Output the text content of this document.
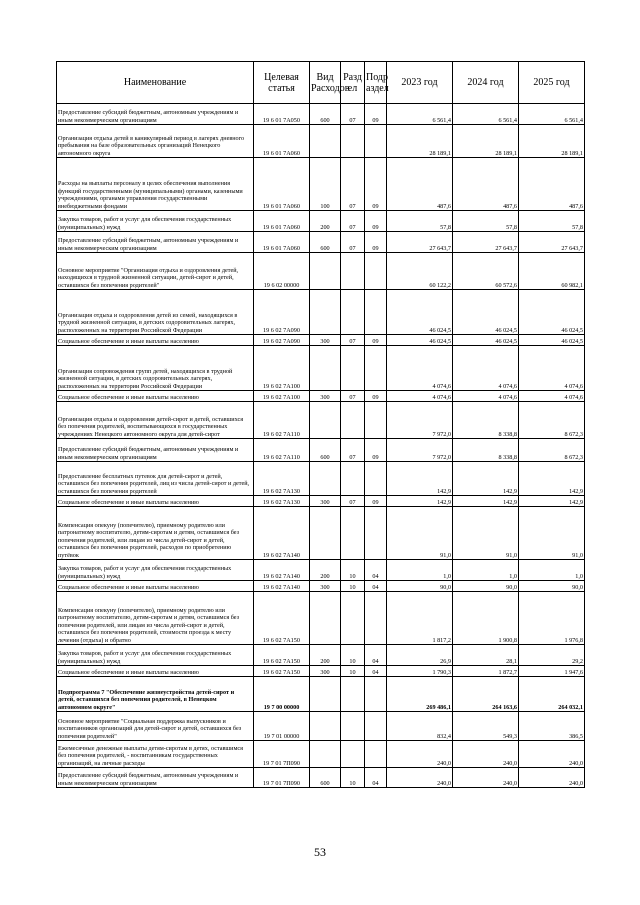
Наименование	Целевая статья	Вид Расходов	Разд ел	Подр аздел	2023 год	2024 год	2025 год
Предоставление субсидий бюджетным, автономным учреждениям и иным некоммерческим организациям	19 6 01 7А050	600	07	09	6 561,4	6 561,4	6 561,4
Организация отдыха детей в каникулярный период в лагерях дневного пребывания на базе образовательных организаций Ненецкого автономного округа	19 6 01 7А060				28 189,1	28 189,1	28 189,1
Расходы на выплаты персоналу в целях обеспечения выполнения функций государственными (муниципальными) органами, казенными учреждениями, органами управления государственными внебюджетными фондами	19 6 01 7А060	100	07	09	487,6	487,6	487,6
Закупка товаров, работ и услуг для обеспечения государственных (муниципальных) нужд	19 6 01 7А060	200	07	09	57,8	57,8	57,8
Предоставление субсидий бюджетным, автономным учреждениям и иным некоммерческим организациям	19 6 01 7А060	600	07	09	27 643,7	27 643,7	27 643,7
Основное мероприятие "Организация отдыха и оздоровления детей, находящихся в трудной жизненной ситуации, детей-сирот и детей, оставшихся без попечения родителей"	19 6 02 00000				60 122,2	60 572,6	60 982,1
Организация отдыха и оздоровления детей из семей, находящихся в трудной жизненной ситуации, в детских оздоровительных лагерях, расположенных на территории Российской Федерации	19 6 02 7А090				46 024,5	46 024,5	46 024,5
Социальное обеспечение и иные выплаты населению	19 6 02 7А090	300	07	09	46 024,5	46 024,5	46 024,5
Организация сопровождения групп детей, находящихся в трудной жизненной ситуации, в детских оздоровительных лагерях, расположенных на территории Российской Федерации	19 6 02 7А100				4 074,6	4 074,6	4 074,6
Социальное обеспечение и иные выплаты населению	19 6 02 7А100	300	07	09	4 074,6	4 074,6	4 074,6
Организация отдыха и оздоровления детей-сирот и детей, оставшихся без попечения родителей, воспитывающихся в государственных учреждениях Ненецкого автономного округа для детей-сирот	19 6 02 7А110				7 972,0	8 338,8	8 672,3
Предоставление субсидий бюджетным, автономным учреждениям и иным некоммерческим организациям	19 6 02 7А110	600	07	09	7 972,0	8 338,8	8 672,3
Предоставление бесплатных путевок для детей-сирот и детей, оставшихся без попечения родителей, лиц из числа детей-сирот и детей, оставшихся без попечения родителей	19 6 02 7А130				142,9	142,9	142,9
Социальное обеспечение и иные выплаты населению	19 6 02 7А130	300	07	09	142,9	142,9	142,9
Компенсация опекуну (попечителю), приемному родителю или патронатному воспитателю, детям-сиротам и детям, оставшимся без попечения родителей, или лицам из числа детей-сирот и детей, оставшихся без попечения родителей, расходов по приобретению путёвок	19 6 02 7А140				91,0	91,0	91,0
Закупка товаров, работ и услуг для обеспечения государственных (муниципальных) нужд	19 6 02 7А140	200	10	04	1,0	1,0	1,0
Социальное обеспечение и иные выплаты населению	19 6 02 7А140	300	10	04	90,0	90,0	90,0
Компенсация опекуну (попечителю), приемному родителю или патронатному воспитателю, детям-сиротам и детям, оставшимся без попечения родителей, или лицам из числа детей-сирот и детей, оставшихся без попечения родителей, стоимости проезда к месту лечения (отдыха) и обратно	19 6 02 7А150				1 817,2	1 900,8	1 976,8
Закупка товаров, работ и услуг для обеспечения государственных (муниципальных) нужд	19 6 02 7А150	200	10	04	26,9	28,1	29,2
Социальное обеспечение и иные выплаты населению	19 6 02 7А150	300	10	04	1 790,3	1 872,7	1 947,6
Подпрограмма 7 "Обеспечение жизнеустройства детей-сирот и детей, оставшихся без попечения родителей, в Ненецком автономном округе"	19 7 00 00000				269 486,1	264 163,6	264 032,1
Основное мероприятие "Социальная поддержка выпускников и воспитанников организаций для детей-сирот и детей, оставшихся без попечения родителей"	19 7 01 00000				832,4	549,3	386,5
Ежемесячные денежные выплаты детям-сиротам в детях, оставшимся без попечения родителей, - воспитанникам государственных организаций, на личные расходы	19 7 01 7П090				240,0	240,0	240,0
Предоставление субсидий бюджетным, автономным учреждениям и иным некоммерческим организациям	19 7 01 7П090	600	10	04	240,0	240,0	240,0
53
